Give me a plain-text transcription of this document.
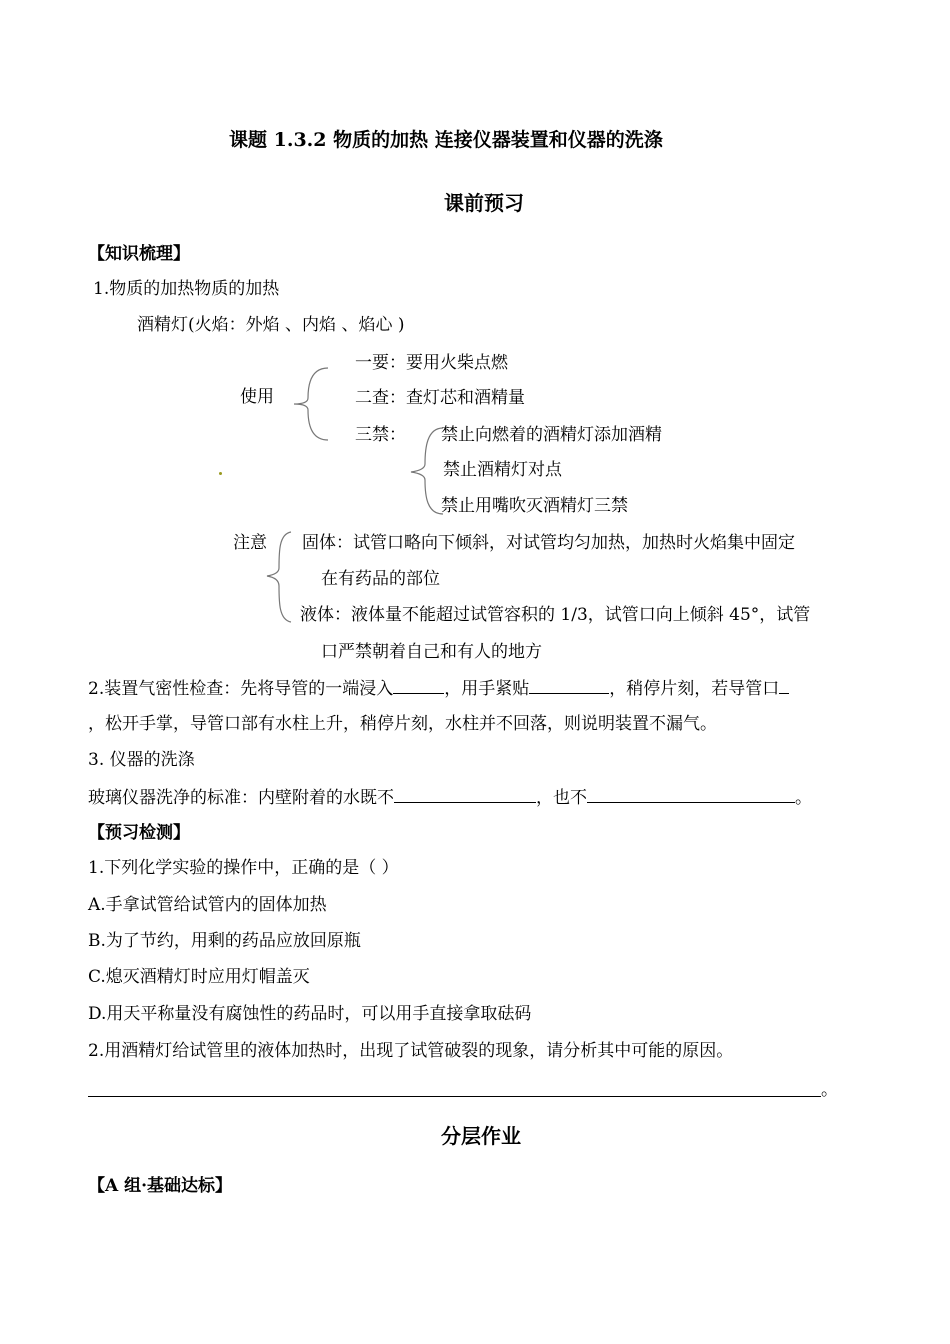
课题 1.3.2 物质的加热 连接仪器装置和仪器的洗涤
课前预习
【知识梳理】
1.物质的加热物质的加热
酒精灯(火焰：外焰 、内焰 、焰心 )
使用
一要：要用火柴点燃
二查：查灯芯和酒精量
三禁： 禁止向燃着的酒精灯添加酒精
禁止酒精灯对点
禁止用嘴吹灭酒精灯三禁
注意 固体：试管口略向下倾斜，对试管均匀加热，加热时火焰集中固定
在有药品的部位
液体：液体量不能超过试管容积的 1/3，试管口向上倾斜 45°，试管
口严禁朝着自己和有人的地方
2.装置气密性检查：先将导管的一端浸入	，用手紧贴	，稍停片刻，若导管口
，松开手掌，导管口部有水柱上升，稍停片刻，水柱并不回落，则说明装置不漏气。
3. 仪器的洗涤
玻璃仪器洗净的标准：内壁附着的水既不	，也不	。
【预习检测】
1.下列化学实验的操作中，正确的是（ ）
A.手拿试管给试管内的固体加热
B.为了节约，用剩的药品应放回原瓶
C.熄灭酒精灯时应用灯帽盖灭
D.用天平称量没有腐蚀性的药品时，可以用手直接拿取砝码
2.用酒精灯给试管里的液体加热时，出现了试管破裂的现象，请分析其中可能的原因。
。
分层作业
【A 组·基础达标】
